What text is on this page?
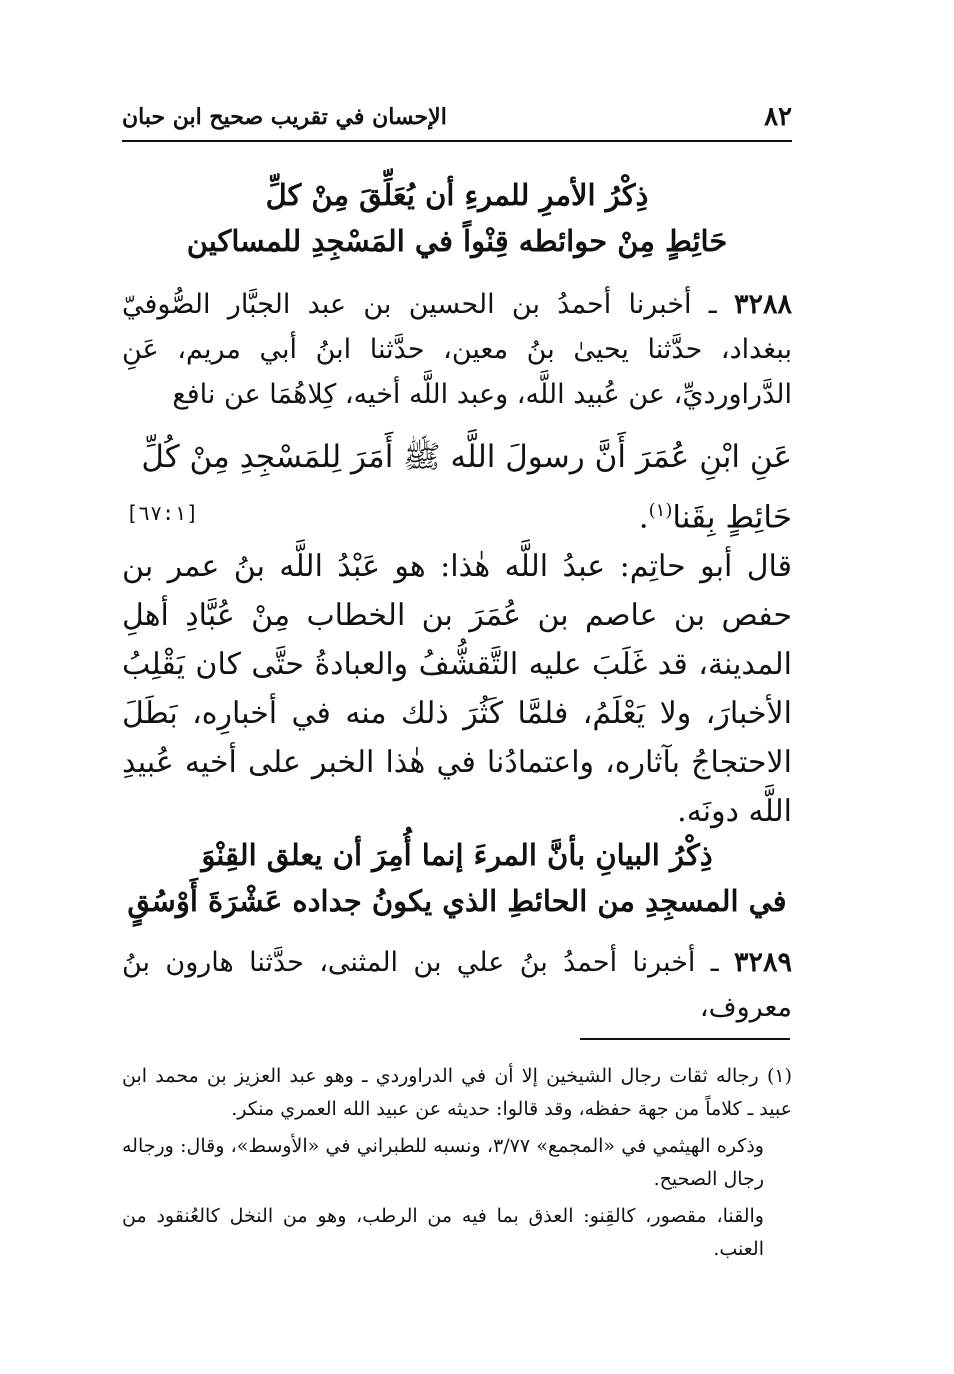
٨٢
الإحسان في تقريب صحيح ابن حبان
ذِكْرُ الأمرِ للمرءِ أن يُعَلِّقَ مِنْ كلِّ
حَائِطٍ مِنْ حوائطه قِنْواً في المَسْجِدِ للمساكين
٣٢٨٨ ـ أخبرنا أحمدُ بن الحسين بن عبد الجبَّار الصُّوفيّ ببغداد، حدَّثنا يحيىٰ بنُ معين، حدَّثنا ابنُ أبي مريم، عَنِ الدَّراورديِّ، عن عُبيد اللَّه، وعبد اللَّه أخيه، كِلاهُمَا عن نافع
عَنِ ابْنِ عُمَرَ أَنَّ رسولَ اللَّه ﷺ أَمَرَ لِلمَسْجِدِ مِنْ كُلِّ حَائِطٍ بِقَنا$^{(١)}$.
[٦٧:١]
قال أبو حاتِم: عبدُ اللَّه هٰذا: هو عَبْدُ اللَّه بنُ عمر بن حفص بن عاصم بن عُمَرَ بن الخطاب مِنْ عُبَّادِ أهلِ المدينة، قد غَلَبَ عليه التَّقشُّفُ والعبادةُ حتَّى كان يَقْلِبُ الأخبارَ، ولا يَعْلَمُ، فلمَّا كَثُرَ ذلك منه في أخبارِه، بَطَلَ الاحتجاجُ بآثاره، واعتمادُنا في هٰذا الخبر على أخيه عُبيدِ اللَّه دونَه.
ذِكْرُ البيانِ بأنَّ المرءَ إنما أُمِرَ أن يعلق القِنْوَ
في المسجِدِ من الحائطِ الذي يكونُ جداده عَشْرَةَ أَوْسُقٍ
٣٢٨٩ ـ أخبرنا أحمدُ بنُ علي بن المثنى، حدَّثنا هارون بنُ معروف،

(١) رجاله ثقات رجال الشيخين إلا أن في الدراوردي ـ وهو عبد العزيز بن محمد ابن عبيد ـ كلاماً من جهة حفظه، وقد قالوا: حديثه عن عبيد الله العمري منكر.

وذكره الهيثمي في «المجمع» ٣/٧٧، ونسبه للطبراني في «الأوسط»، وقال: ورجاله رجال الصحيح.

والقنا، مقصور، كالقِنو: العذق بما فيه من الرطب، وهو من النخل كالعُنقود من العنب.
